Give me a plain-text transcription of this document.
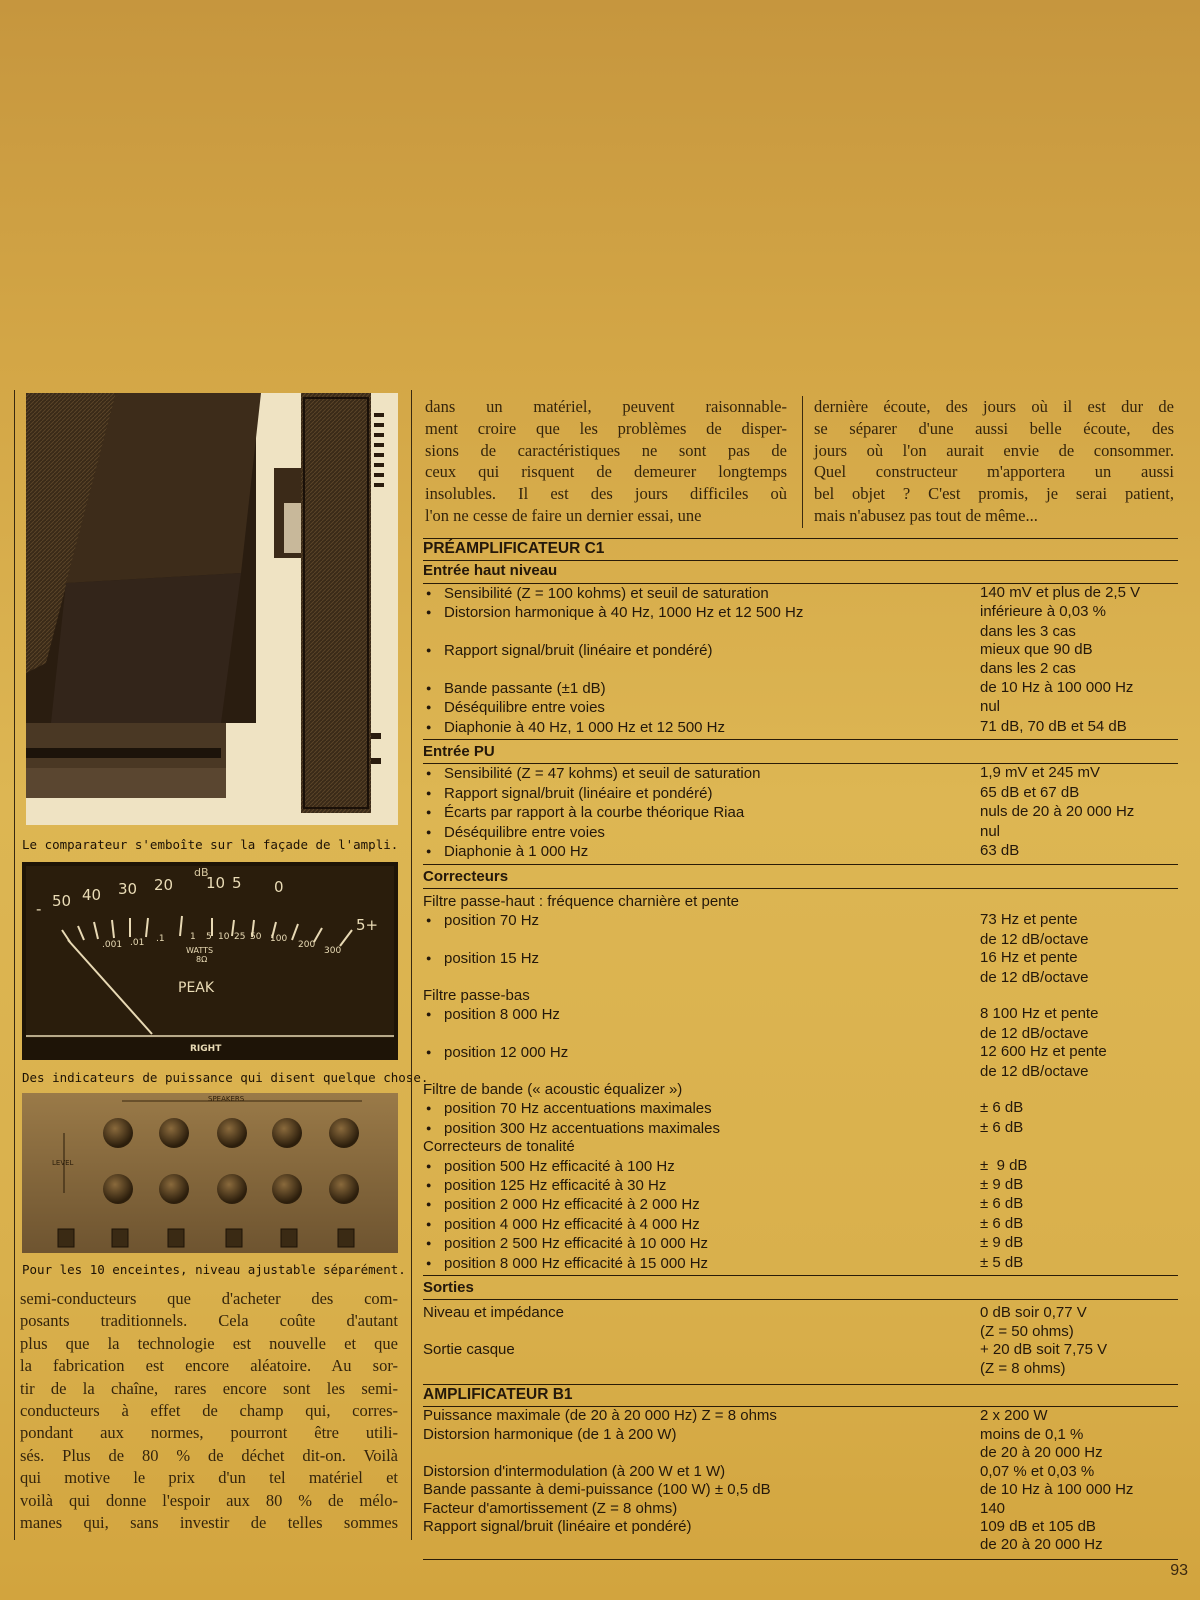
Le comparateur s'emboîte sur la façade de l'ampli.
dB
- 50 40 30 20 10 5 0
5+
.001 .01 .1	1 5 10 25 50 100
200
300
WATTS
8Ω
PEAK
RIGHT
Des indicateurs de puissance qui disent quelque chose.
SPEAKERS
LEVEL
Pour les 10 enceintes, niveau ajustable séparément.
semi-conducteurs que d'acheter des com-
posants traditionnels. Cela coûte d'autant
plus que la technologie est nouvelle et que
la fabrication est encore aléatoire. Au sor-
tir de la chaîne, rares encore sont les semi-
conducteurs à effet de champ qui, corres-
pondant aux normes, pourront être utili-
sés. Plus de 80 % de déchet dit-on. Voilà
qui motive le prix d'un tel matériel et
voilà qui donne l'espoir aux 80 % de mélo-
manes qui, sans investir de telles sommes
dans un matériel, peuvent raisonnable-
ment croire que les problèmes de disper-
sions de caractéristiques ne sont pas de
ceux qui risquent de demeurer longtemps
insolubles. Il est des jours difficiles où
l'on ne cesse de faire un dernier essai, une
dernière écoute, des jours où il est dur de
se séparer d'une aussi belle écoute, des
jours où l'on aurait envie de consommer.
Quel constructeur m'apportera un aussi
bel objet ? C'est promis, je serai patient,
mais n'abusez pas tout de même...
PRÉAMPLIFICATEUR C1
Entrée haut niveau
● Sensibilité (Z = 100 kohms) et seuil de saturation	140 mV et plus de 2,5 V
● Distorsion harmonique à 40 Hz, 1000 Hz et 12 500 Hz	inférieure à 0,03 %
dans les 3 cas
● Rapport signal/bruit (linéaire et pondéré)	mieux que 90 dB
dans les 2 cas
● Bande passante (±1 dB)	de 10 Hz à 100 000 Hz
● Déséquilibre entre voies	nul
● Diaphonie à 40 Hz, 1 000 Hz et 12 500 Hz	71 dB, 70 dB et 54 dB
Entrée PU
● Sensibilité (Z = 47 kohms) et seuil de saturation	1,9 mV et 245 mV
● Rapport signal/bruit (linéaire et pondéré)	65 dB et 67 dB
● Écarts par rapport à la courbe théorique Riaa	nuls de 20 à 20 000 Hz
● Déséquilibre entre voies	nul
● Diaphonie à 1 000 Hz	63 dB
Correcteurs
Filtre passe-haut : fréquence charnière et pente
● position 70 Hz	73 Hz et pente
de 12 dB/octave
● position 15 Hz	16 Hz et pente
de 12 dB/octave
Filtre passe-bas
● position 8 000 Hz	8 100 Hz et pente
de 12 dB/octave
● position 12 000 Hz	12 600 Hz et pente
de 12 dB/octave
Filtre de bande (« acoustic équalizer »)
● position 70 Hz accentuations maximales	± 6 dB
● position 300 Hz accentuations maximales	± 6 dB
Correcteurs de tonalité
● position 500 Hz efficacité à 100 Hz	±  9 dB
● position 125 Hz efficacité à 30 Hz	± 9 dB
● position 2 000 Hz efficacité à 2 000 Hz	± 6 dB
● position 4 000 Hz efficacité à 4 000 Hz	± 6 dB
● position 2 500 Hz efficacité à 10 000 Hz	± 9 dB
● position 8 000 Hz efficacité à 15 000 Hz	± 5 dB
Sorties
Niveau et impédance	0 dB soir 0,77 V
(Z = 50 ohms)
Sortie casque	+ 20 dB soit 7,75 V
(Z = 8 ohms)
AMPLIFICATEUR B1
Puissance maximale (de 20 à 20 000 Hz) Z = 8 ohms	2 x 200 W
Distorsion harmonique (de 1 à 200 W)	moins de 0,1 %
de 20 à 20 000 Hz
Distorsion d'intermodulation (à 200 W et 1 W)	0,07 % et 0,03 %
Bande passante à demi-puissance (100 W) ± 0,5 dB	de 10 Hz à 100 000 Hz
Facteur d'amortissement (Z = 8 ohms)	140
Rapport signal/bruit (linéaire et pondéré)	109 dB et 105 dB
de 20 à 20 000 Hz
93
